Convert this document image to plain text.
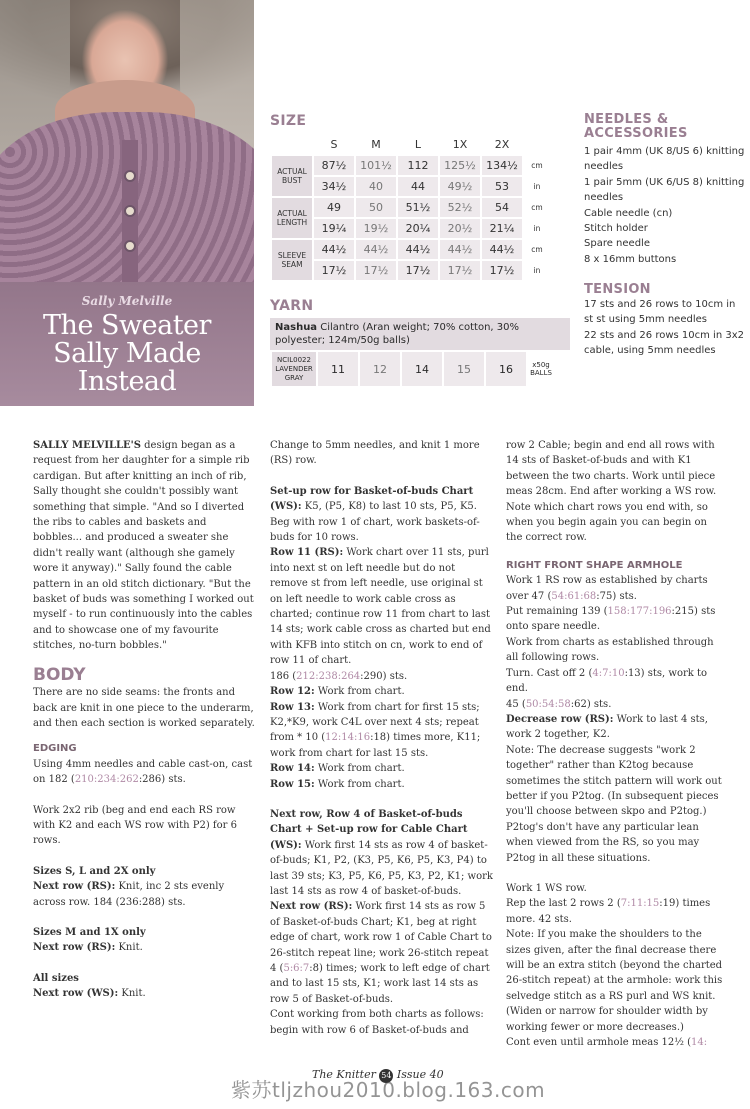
Sally Melville
The Sweater
Sally Made
Instead
SIZE
	S	M	L	1X	2X	
ACTUAL BUST	87½	101½	112	125½	134½	cm
	34½	40	44	49½	53	in
ACTUAL LENGTH	49	50	51½	52½	54	cm
	19¼	19½	20¼	20½	21¼	in
SLEEVE SEAM	44½	44½	44½	44½	44½	cm
	17½	17½	17½	17½	17½	in
YARN
Nashua Cilantro (Aran weight; 70% cotton, 30% polyester; 124m/50g balls)
NCIL0022 LAVENDER GRAY	11	12	14	15	16	x50g BALLS
NEEDLES & ACCESSORIES
1 pair 4mm (UK 8/US 6) knitting needles
1 pair 5mm (UK 6/US 8) knitting needles
Cable needle (cn)
Stitch holder
Spare needle
8 x 16mm buttons
TENSION
17 sts and 26 rows to 10cm in st st using 5mm needles
22 sts and 26 rows 10cm in 3x2 cable, using 5mm needles

SALLY MELVILLE'S design began as a request from her daughter for a simple rib cardigan. But after knitting an inch of rib, Sally thought she couldn't possibly want something that simple. "And so I diverted the ribs to cables and baskets and bobbles... and produced a sweater she didn't really want (although she gamely wore it anyway)." Sally found the cable pattern in an old stitch dictionary. "But the basket of buds was something I worked out myself - to run continuously into the cables and to showcase one of my favourite stitches, no-turn bobbles."

BODY

There are no side seams: the fronts and back are knit in one piece to the underarm, and then each section is worked separately.

EDGING

Using 4mm needles and cable cast-on, cast on 182 (210:234:262:286) sts.

Work 2x2 rib (beg and end each RS row with K2 and each WS row with P2) for 6 rows.

Sizes S, L and 2X only

Next row (RS): Knit, inc 2 sts evenly across row. 184 (236:288) sts.

Sizes M and 1X only

Next row (RS): Knit.

All sizes

Next row (WS): Knit.

Change to 5mm needles, and knit 1 more (RS) row.

Set-up row for Basket-of-buds Chart (WS): K5, (P5, K8) to last 10 sts, P5, K5. Beg with row 1 of chart, work baskets-of-buds for 10 rows.

Row 11 (RS): Work chart over 11 sts, purl into next st on left needle but do not remove st from left needle, use original st on left needle to work cable cross as charted; continue row 11 from chart to last 14 sts; work cable cross as charted but end with KFB into stitch on cn, work to end of row 11 of chart.

186 (212:238:264:290) sts.

Row 12: Work from chart.

Row 13: Work from chart for first 15 sts; K2,*K9, work C4L over next 4 sts; repeat from * 10 (12:14:16:18) times more, K11; work from chart for last 15 sts.

Row 14: Work from chart.

Row 15: Work from chart.

Next row, Row 4 of Basket-of-buds Chart + Set-up row for Cable Chart (WS): Work first 14 sts as row 4 of basket-of-buds; K1, P2, (K3, P5, K6, P5, K3, P4) to last 39 sts; K3, P5, K6, P5, K3, P2, K1; work last 14 sts as row 4 of basket-of-buds.

Next row (RS): Work first 14 sts as row 5 of Basket-of-buds Chart; K1, beg at right edge of chart, work row 1 of Cable Chart to 26-stitch repeat line; work 26-stitch repeat 4 (5:6:7:8) times; work to left edge of chart and to last 15 sts, K1; work last 14 sts as row 5 of Basket-of-buds.

Cont working from both charts as follows: begin with row 6 of Basket-of-buds and

row 2 Cable; begin and end all rows with 14 sts of Basket-of-buds and with K1 between the two charts. Work until piece meas 28cm. End after working a WS row. Note which chart rows you end with, so when you begin again you can begin on the correct row.

RIGHT FRONT SHAPE ARMHOLE

Work 1 RS row as established by charts over 47 (54:61:68:75) sts.

Put remaining 139 (158:177:196:215) sts onto spare needle.

Work from charts as established through all following rows.

Turn. Cast off 2 (4:7:10:13) sts, work to end.

45 (50:54:58:62) sts.

Decrease row (RS): Work to last 4 sts, work 2 together, K2.

Note: The decrease suggests "work 2 together" rather than K2tog because sometimes the stitch pattern will work out better if you P2tog. (In subsequent pieces you'll choose between skpo and P2tog.) P2tog's don't have any particular lean when viewed from the RS, so you may P2tog in all these situations.

Work 1 WS row.

Rep the last 2 rows 2 (7:11:15:19) times more. 42 sts.

Note: If you make the shoulders to the sizes given, after the final decrease there will be an extra stitch (beyond the charted 26-stitch repeat) at the armhole: work this selvedge stitch as a RS purl and WS knit. (Widen or narrow for shoulder width by working fewer or more decreases.)

Cont even until armhole meas 12½ (14:

The Knitter 54 Issue 40
紫苏tljzhou2010.blog.163.com
